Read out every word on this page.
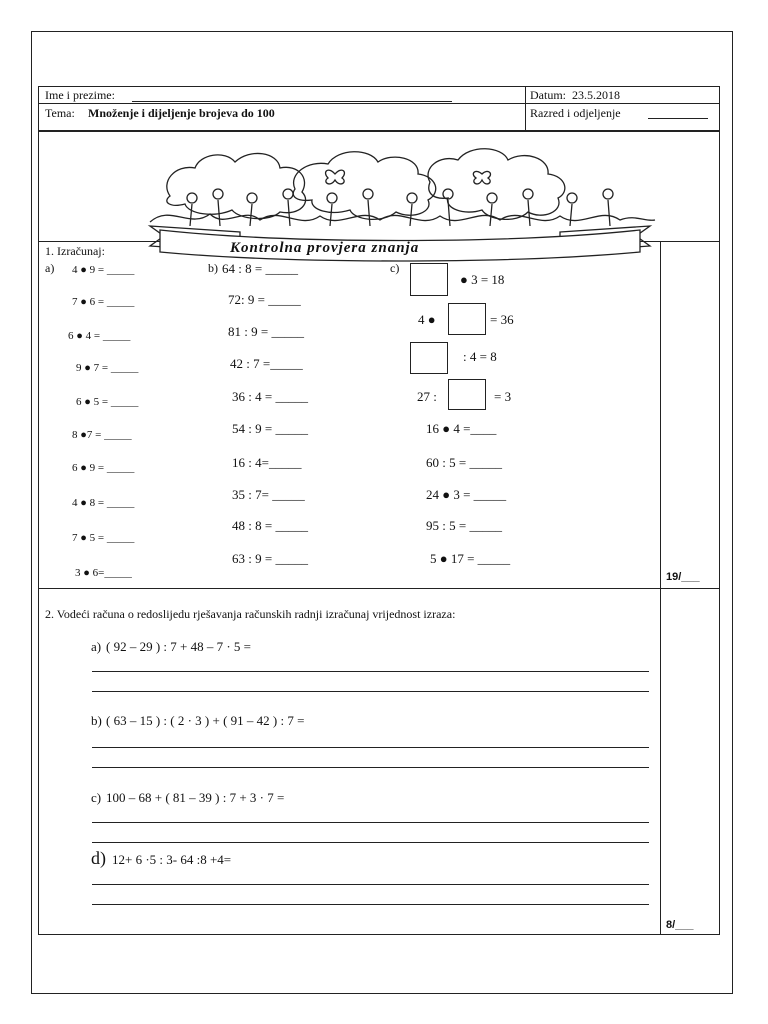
Ime i prezime:	Datum: 23.5.2018
Tema: Množenje i dijeljenje brojeva do 100	Razred i odjeljenje
Kontrolna provjera znanja
1. Izračunaj:
a)	b)	c)
4 ● 9 = _____
7 ● 6 = _____
6 ● 4 = _____
9 ● 7 = _____
6 ● 5 = _____
8 ●7 = _____
6 ● 9 = _____
4 ● 8 = _____
7 ● 5 = _____
3 ● 6=_____
64 : 8 = _____
72: 9 = _____
81 : 9 = _____
42 : 7 =_____
36 : 4 = _____
54 : 9 = _____
16 : 4=_____
35 : 7= _____
48 : 8 = _____
63 : 9 = _____
● 3 = 18
4 ●	= 36
: 4 = 8
27 :	= 3
16 ● 4 =____
60 : 5 = _____
24 ● 3 = _____
95 : 5 = _____
5 ● 17 = _____
19/___
2. Vodeći računa o redoslijedu rješavanja računskih radnji izračunaj vrijednost izraza:
a) ( 92 – 29 ) : 7 + 48 – 7 · 5 =
b) ( 63 – 15 ) : ( 2 · 3 ) + ( 91 – 42 ) : 7 =
c) 100 – 68 + ( 81 – 39 ) : 7 + 3 · 7 =
d) 12+ 6 ·5 : 3- 64 :8 +4=
8/___
